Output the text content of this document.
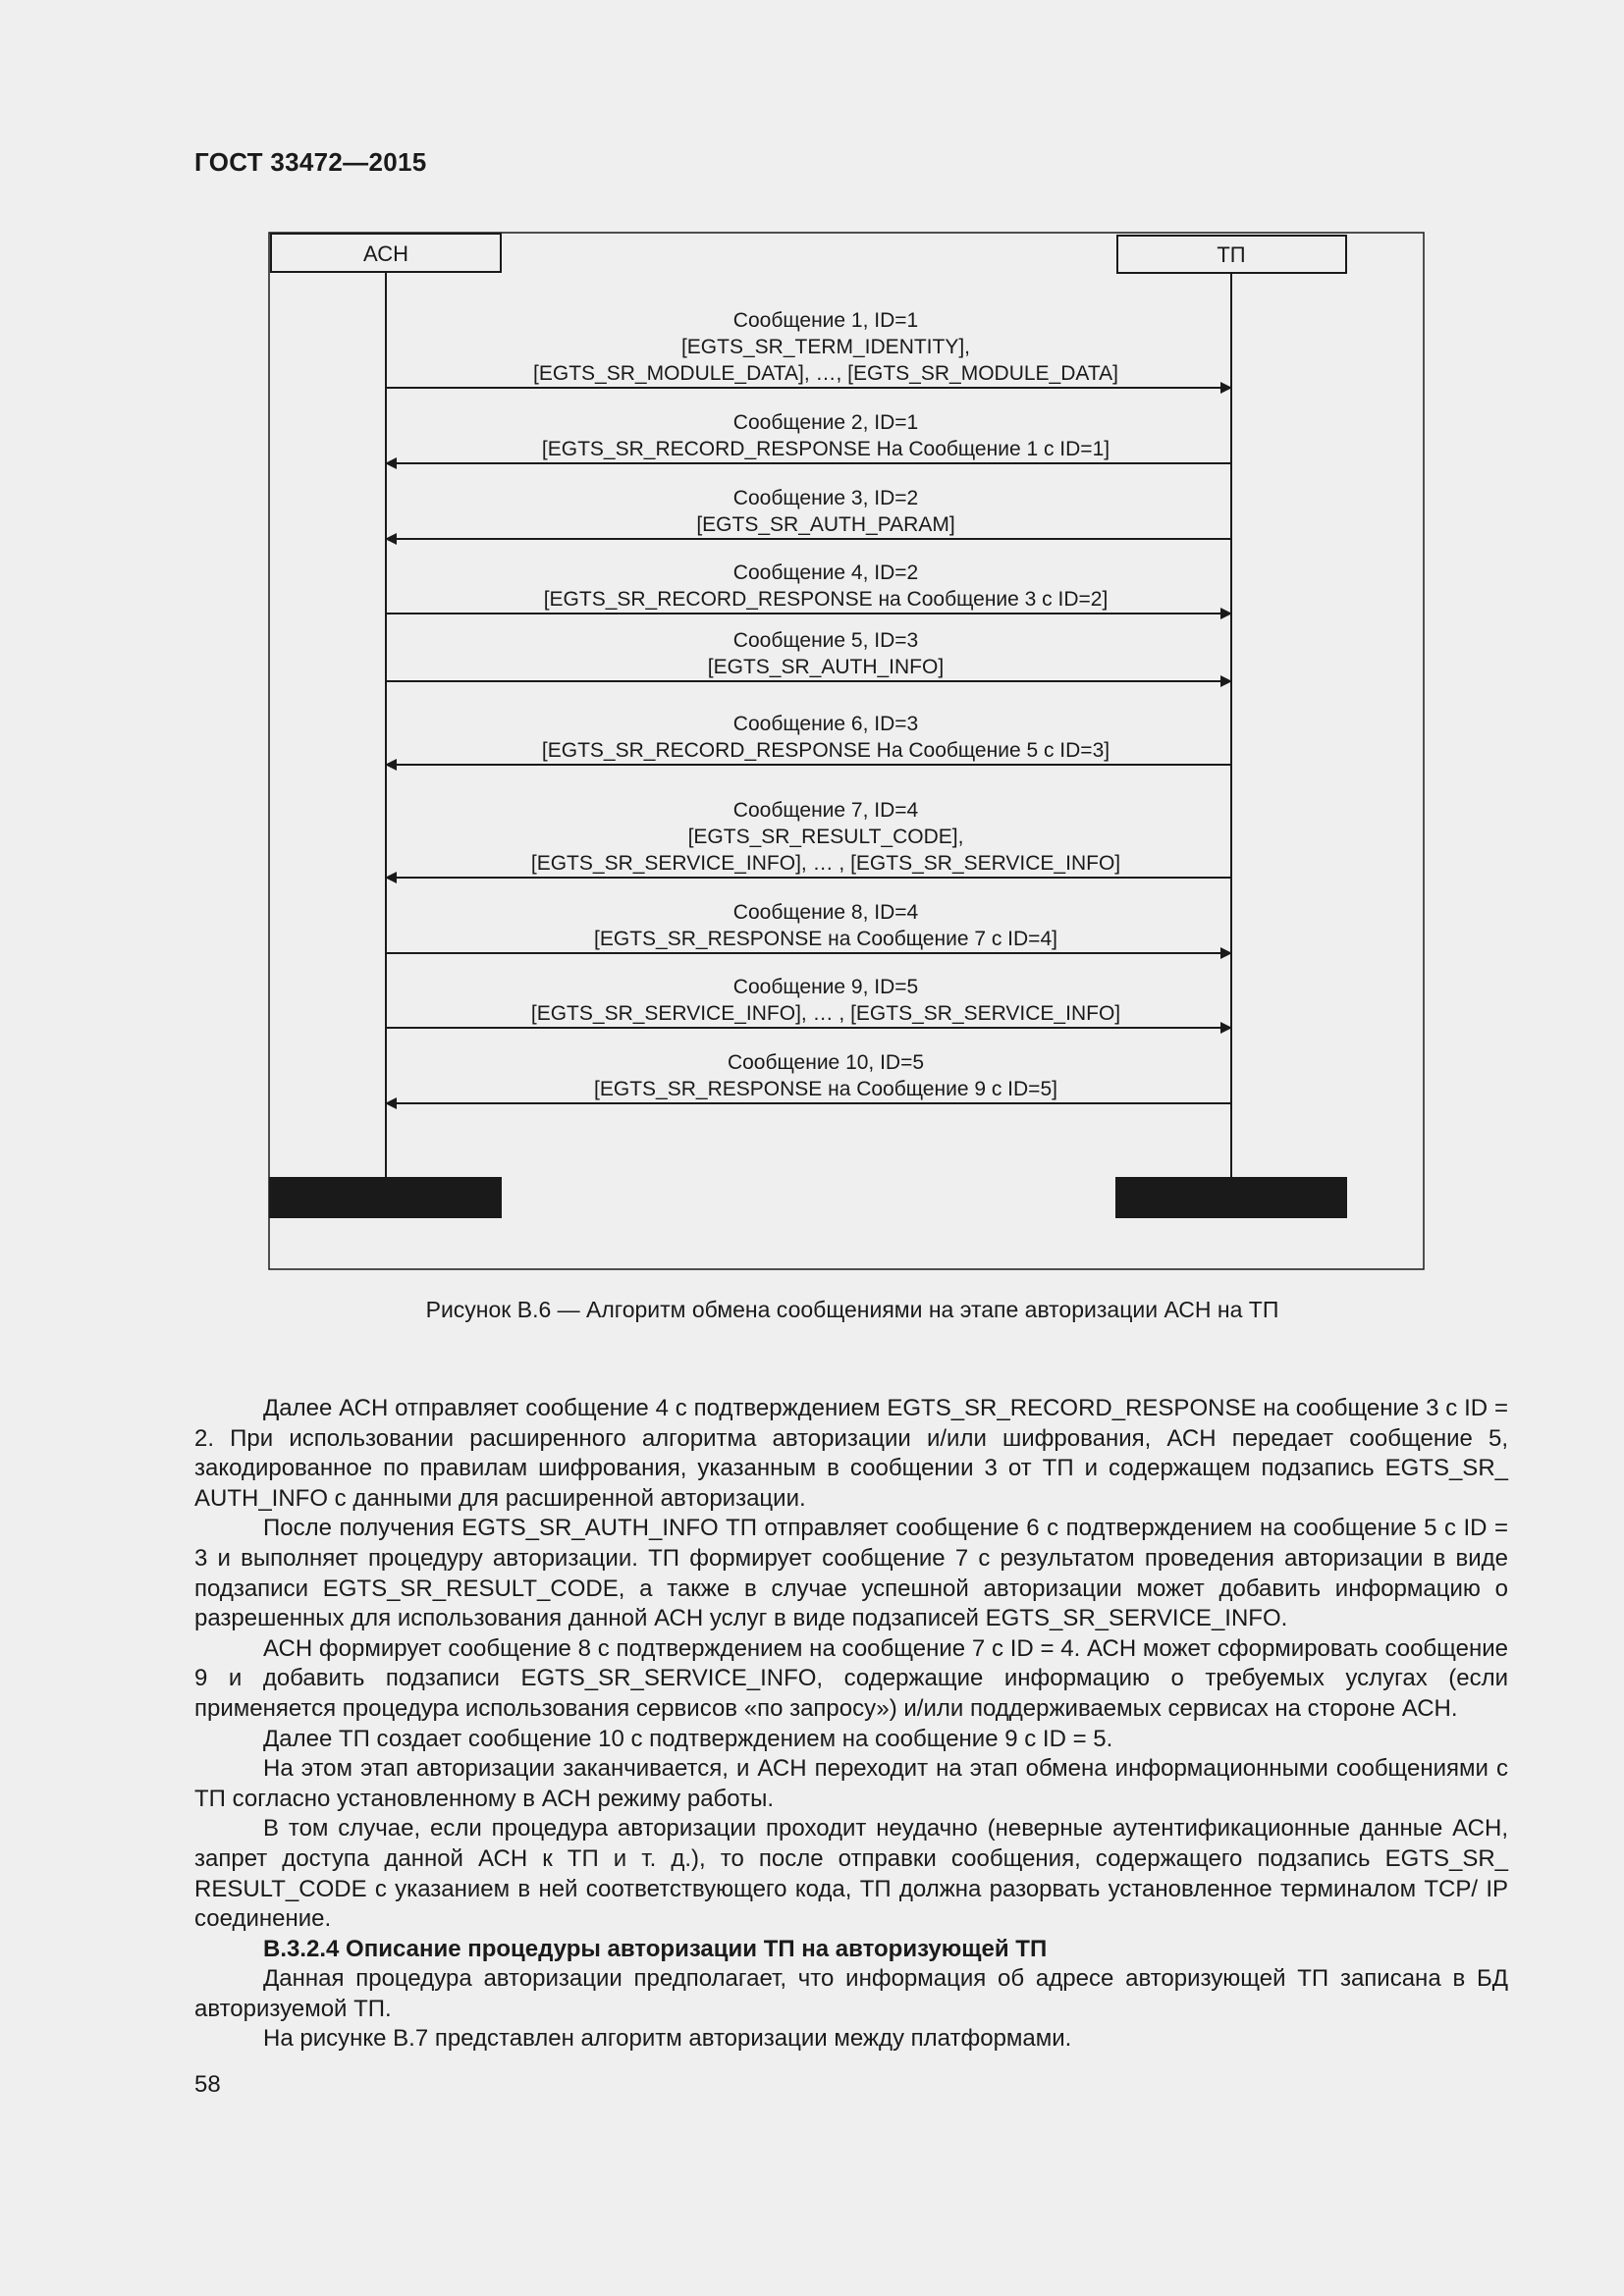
ГОСТ 33472—2015
АСН	ТП
Сообщение 1, ID=1
[EGTS_SR_TERM_IDENTITY],
[EGTS_SR_MODULE_DATA], …, [EGTS_SR_MODULE_DATA]
Сообщение 2, ID=1
[EGTS_SR_RECORD_RESPONSE На Сообщение 1 с ID=1]
Сообщение 3, ID=2
[EGTS_SR_AUTH_PARAM]
Сообщение 4, ID=2
[EGTS_SR_RECORD_RESPONSE на Сообщение 3 с ID=2]
Сообщение 5, ID=3
[EGTS_SR_AUTH_INFO]
Сообщение 6, ID=3
[EGTS_SR_RECORD_RESPONSE На Сообщение 5 с ID=3]
Сообщение 7, ID=4
[EGTS_SR_RESULT_CODE],
[EGTS_SR_SERVICE_INFO], … , [EGTS_SR_SERVICE_INFO]
Сообщение 8, ID=4
[EGTS_SR_RESPONSE на Сообщение 7 с ID=4]
Сообщение 9, ID=5
[EGTS_SR_SERVICE_INFO], … , [EGTS_SR_SERVICE_INFO]
Сообщение 10, ID=5
[EGTS_SR_RESPONSE на Сообщение 9 с ID=5]
Рисунок В.6 — Алгоритм обмена сообщениями на этапе авторизации АСН на ТП

Далее АСН отправляет сообщение 4 с подтверждением EGTS_SR_RECORD_RESPONSE на сообщение 3 с ID = 2. При использовании расширенного алгоритма авторизации и/или шифрования, АСН передает сообщение 5, закодированное по правилам шифрования, указанным в сообщении 3 от ТП и содержащем подзапись EGTS_SR_ AUTH_INFO с данными для расширенной авторизации.

После получения EGTS_SR_AUTH_INFO ТП отправляет сообщение 6 с подтверждением на сообщение 5 с ID = 3 и выполняет процедуру авторизации. ТП формирует сообщение 7 с результатом проведения авторизации в виде подзаписи EGTS_SR_RESULT_CODE, а также в случае успешной авторизации может добавить информацию о разрешенных для использования данной АСН услуг в виде подзаписей EGTS_SR_SERVICE_INFO.

АСН формирует сообщение 8 с подтверждением на сообщение 7 с ID = 4. АСН может сформировать сообщение 9 и добавить подзаписи EGTS_SR_SERVICE_INFO, содержащие информацию о требуемых услугах (если применяется процедура использования сервисов «по запросу») и/или поддерживаемых сервисах на стороне АСН.

Далее ТП создает сообщение 10 с подтверждением на сообщение 9 с ID = 5.

На этом этап авторизации заканчивается, и АСН переходит на этап обмена информационными сообщениями с ТП согласно установленному в АСН режиму работы.

В том случае, если процедура авторизации проходит неудачно (неверные аутентификационные данные АСН, запрет доступа данной АСН к ТП и т. д.), то после отправки сообщения, содержащего подзапись EGTS_SR_ RESULT_CODE с указанием в ней соответствующего кода, ТП должна разорвать установленное терминалом TCP/ IP соединение.

В.3.2.4 Описание процедуры авторизации ТП на авторизующей ТП

Данная процедура авторизации предполагает, что информация об адресе авторизующей ТП записана в БД авторизуемой ТП.

На рисунке В.7 представлен алгоритм авторизации между платформами.

58
